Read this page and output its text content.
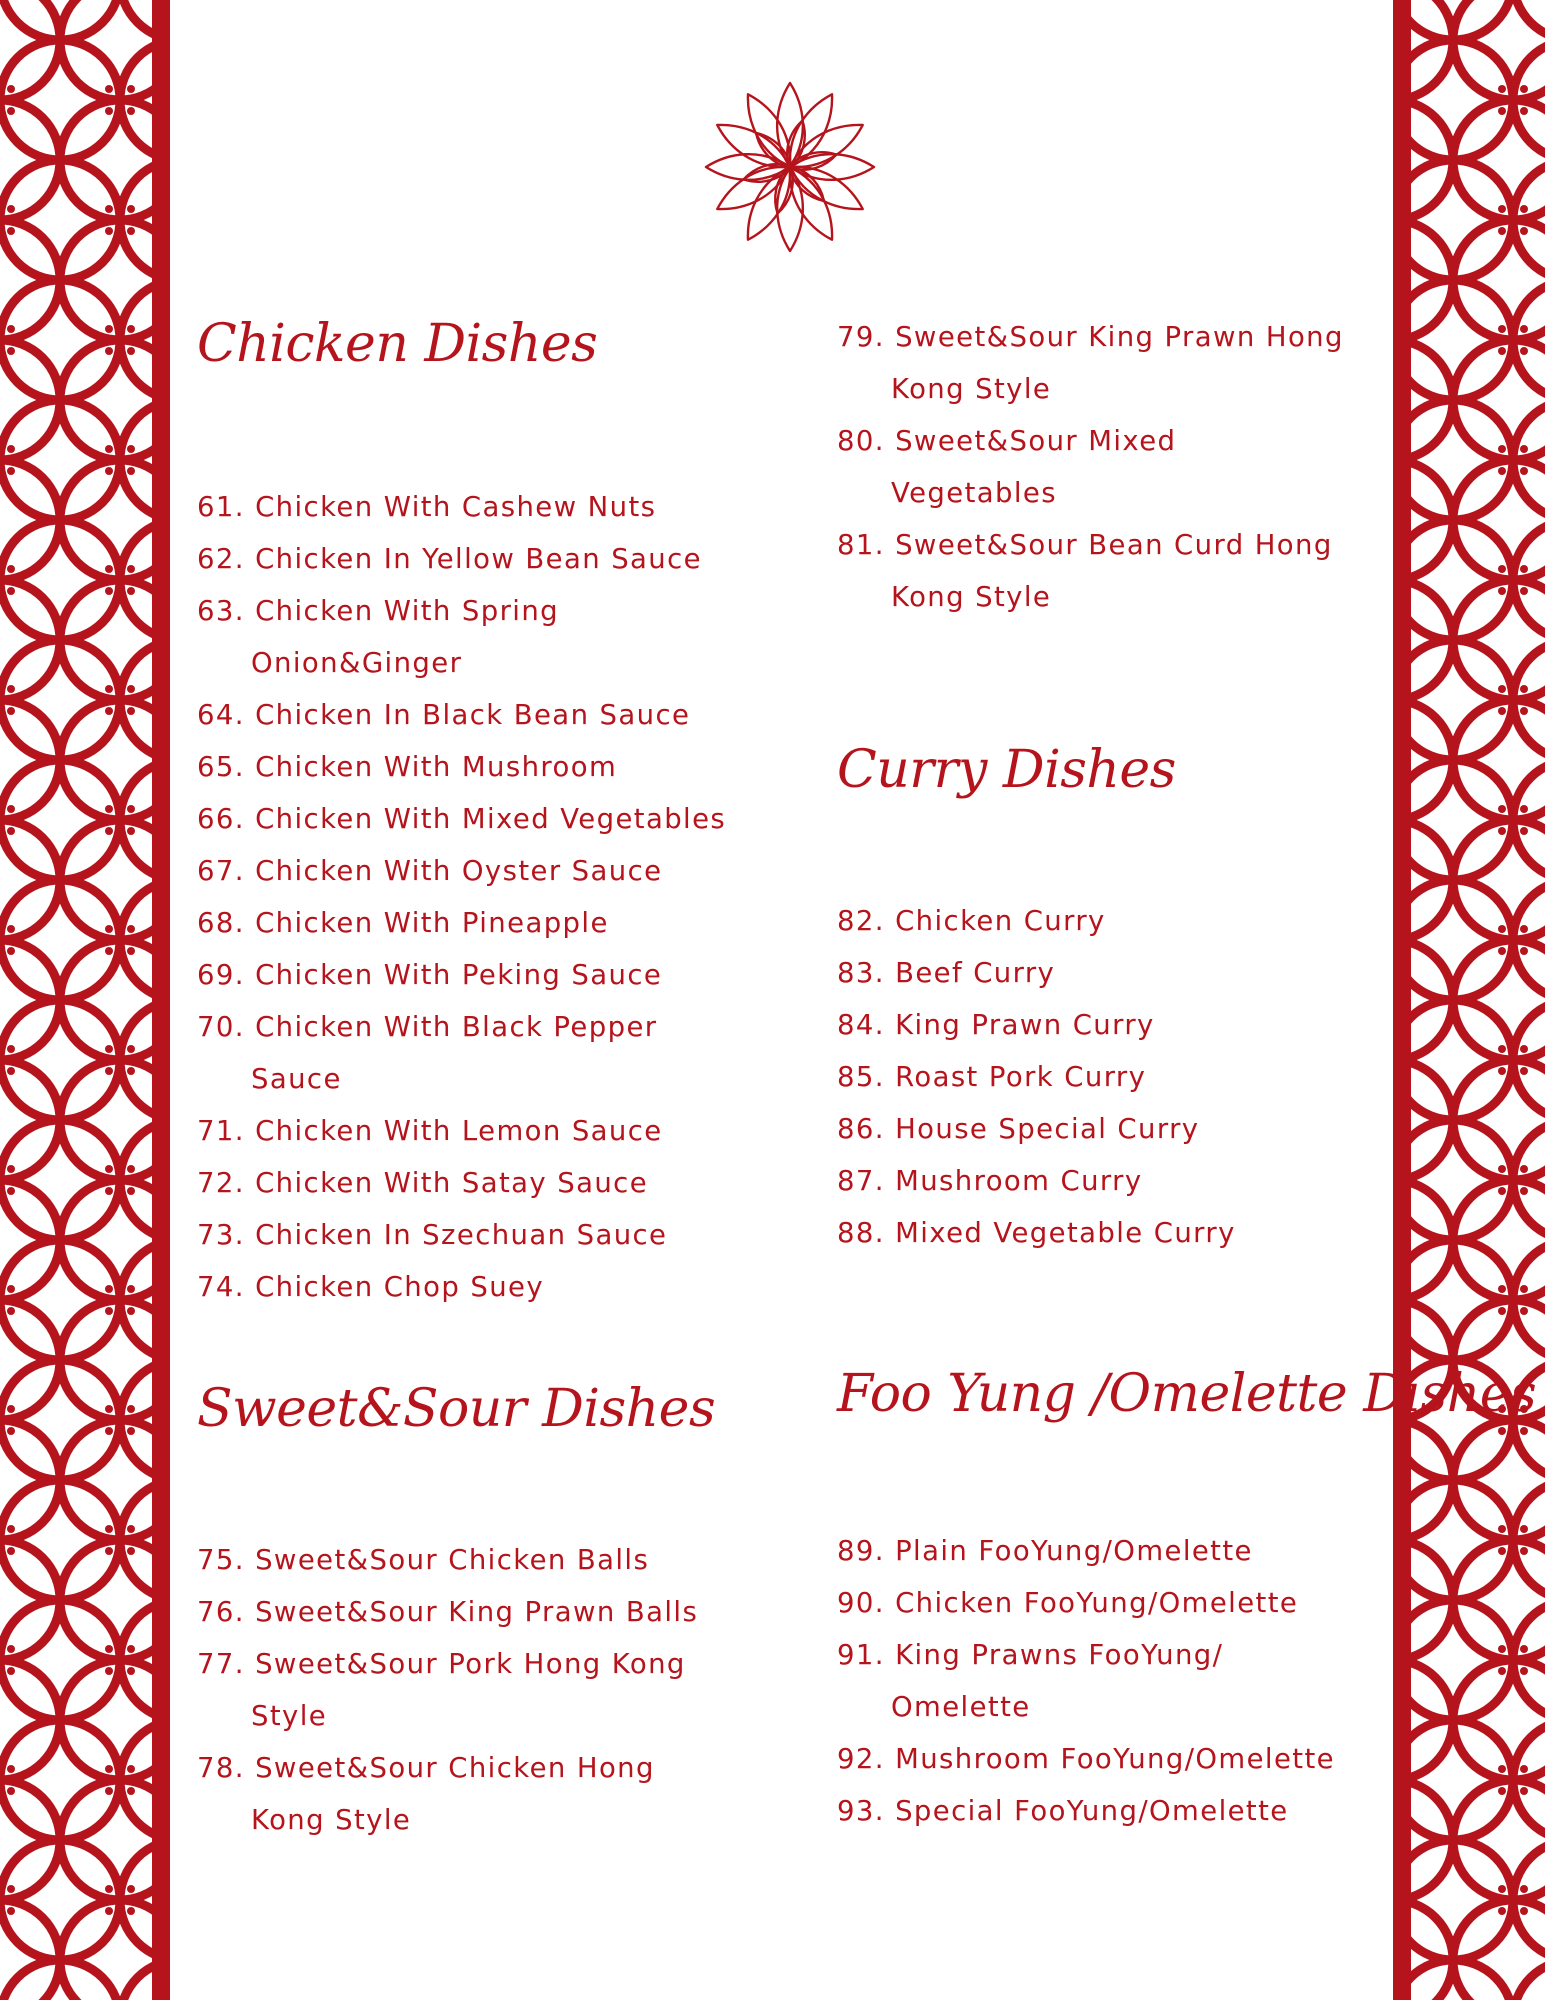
Chicken Dishes
61. Chicken With Cashew Nuts
62. Chicken In Yellow Bean Sauce
63. Chicken With Spring
Onion&Ginger
64. Chicken In Black Bean Sauce
65. Chicken With Mushroom
66. Chicken With Mixed Vegetables
67. Chicken With Oyster Sauce
68. Chicken With Pineapple
69. Chicken With Peking Sauce
70. Chicken With Black Pepper
Sauce
71. Chicken With Lemon Sauce
72. Chicken With Satay Sauce
73. Chicken In Szechuan Sauce
74. Chicken Chop Suey
Sweet&Sour Dishes
75. Sweet&Sour Chicken Balls
76. Sweet&Sour King Prawn Balls
77. Sweet&Sour Pork Hong Kong
Style
78. Sweet&Sour Chicken Hong
Kong Style
79. Sweet&Sour King Prawn Hong
Kong Style
80. Sweet&Sour Mixed
Vegetables
81. Sweet&Sour Bean Curd Hong
Kong Style
Curry Dishes
82. Chicken Curry
83. Beef Curry
84. King Prawn Curry
85. Roast Pork Curry
86. House Special Curry
87. Mushroom Curry
88. Mixed Vegetable Curry
Foo Yung /Omelette Dishes
89. Plain FooYung/Omelette
90. Chicken FooYung/Omelette
91. King Prawns FooYung/
Omelette
92. Mushroom FooYung/Omelette
93. Special FooYung/Omelette
